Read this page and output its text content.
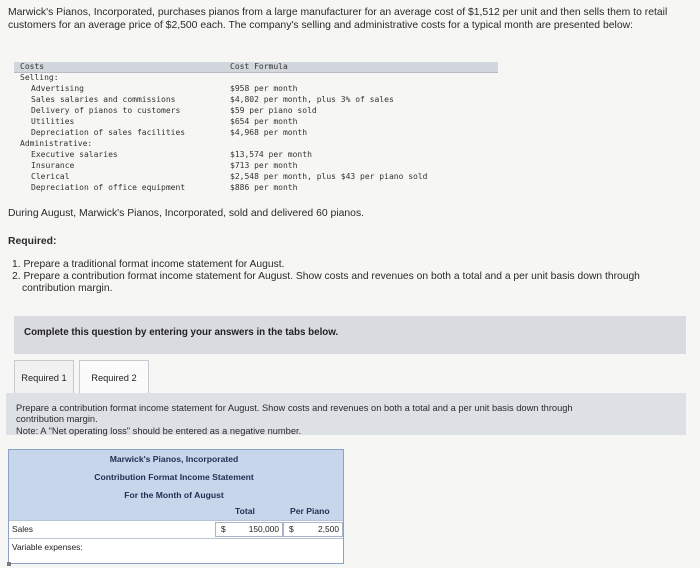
Marwick's Pianos, Incorporated, purchases pianos from a large manufacturer for an average cost of $1,512 per unit and then sells them to retail customers for an average price of $2,500 each. The company's selling and administrative costs for a typical month are presented below:
Costs	Cost Formula
Selling:
Advertising	$958 per month
Sales salaries and commissions	$4,802 per month, plus 3% of sales
Delivery of pianos to customers	$59 per piano sold
Utilities	$654 per month
Depreciation of sales facilities	$4,968 per month
Administrative:
Executive salaries	$13,574 per month
Insurance	$713 per month
Clerical	$2,548 per month, plus $43 per piano sold
Depreciation of office equipment	$886 per month
During August, Marwick's Pianos, Incorporated, sold and delivered 60 pianos.
Required:
1. Prepare a traditional format income statement for August.
2. Prepare a contribution format income statement for August. Show costs and revenues on both a total and a per unit basis down through contribution margin.
Complete this question by entering your answers in the tabs below.
Required 1	Required 2
Prepare a contribution format income statement for August. Show costs and revenues on both a total and a per unit basis down through contribution margin.
Note: A "Net operating loss" should be entered as a negative number.
Marwick's Pianos, Incorporated
Contribution Format Income Statement
For the Month of August
Total	Per Piano
Sales	$	150,000 $	2,500
Variable expenses:
